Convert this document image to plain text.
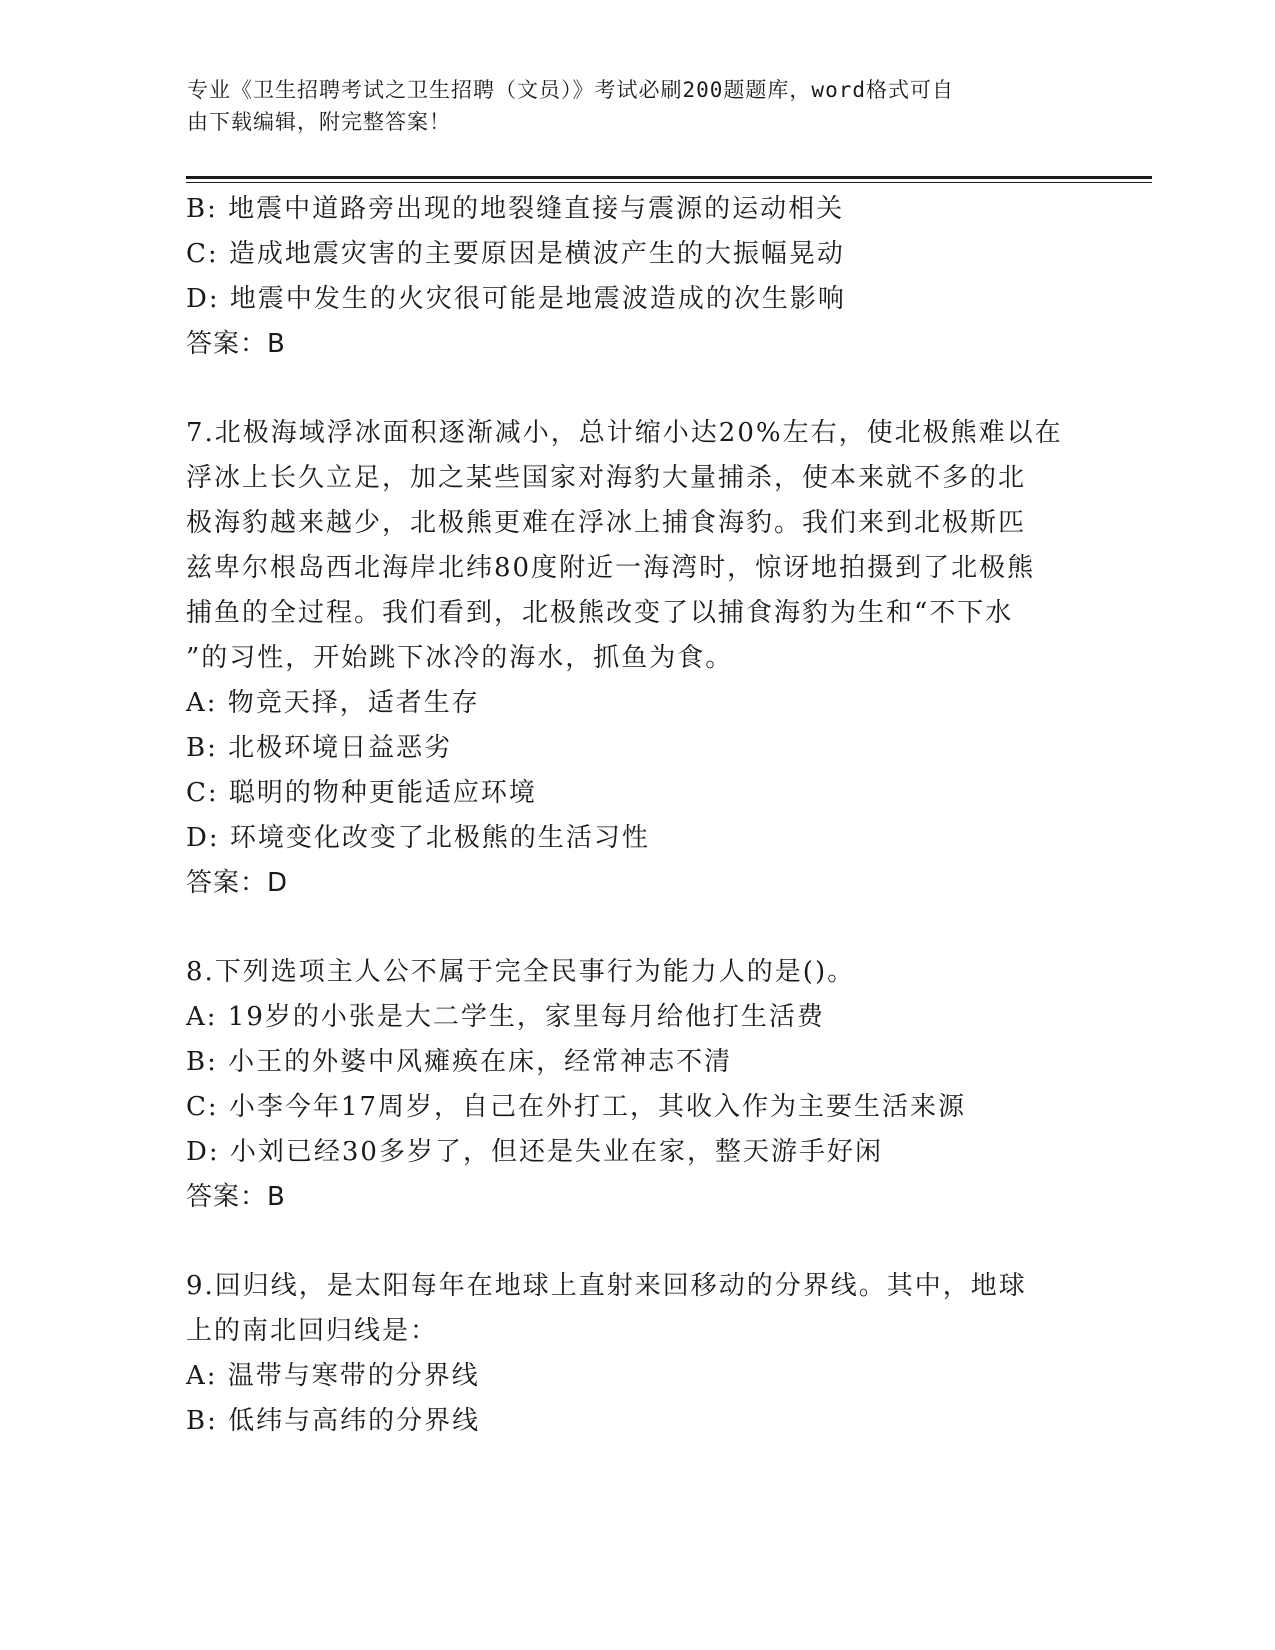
专业《卫生招聘考试之卫生招聘（文员）》考试必刷200题题库，word格式可自
由下载编辑，附完整答案！
B: 地震中道路旁出现的地裂缝直接与震源的运动相关
C: 造成地震灾害的主要原因是横波产生的大振幅晃动
D: 地震中发生的火灾很可能是地震波造成的次生影响
答案：B
7.北极海域浮冰面积逐渐减小，总计缩小达20%左右，使北极熊难以在
浮冰上长久立足，加之某些国家对海豹大量捕杀，使本来就不多的北
极海豹越来越少，北极熊更难在浮冰上捕食海豹。我们来到北极斯匹
兹卑尔根岛西北海岸北纬80度附近一海湾时，惊讶地拍摄到了北极熊
捕鱼的全过程。我们看到，北极熊改变了以捕食海豹为生和“不下水
”的习性，开始跳下冰冷的海水，抓鱼为食。
A: 物竞天择，适者生存
B: 北极环境日益恶劣
C: 聪明的物种更能适应环境
D: 环境变化改变了北极熊的生活习性
答案：D
8.下列选项主人公不属于完全民事行为能力人的是()。
A: 19岁的小张是大二学生，家里每月给他打生活费
B: 小王的外婆中风瘫痪在床，经常神志不清
C: 小李今年17周岁，自己在外打工，其收入作为主要生活来源
D: 小刘已经30多岁了，但还是失业在家，整天游手好闲
答案：B
9.回归线，是太阳每年在地球上直射来回移动的分界线。其中，地球
上的南北回归线是：
A: 温带与寒带的分界线
B: 低纬与高纬的分界线
